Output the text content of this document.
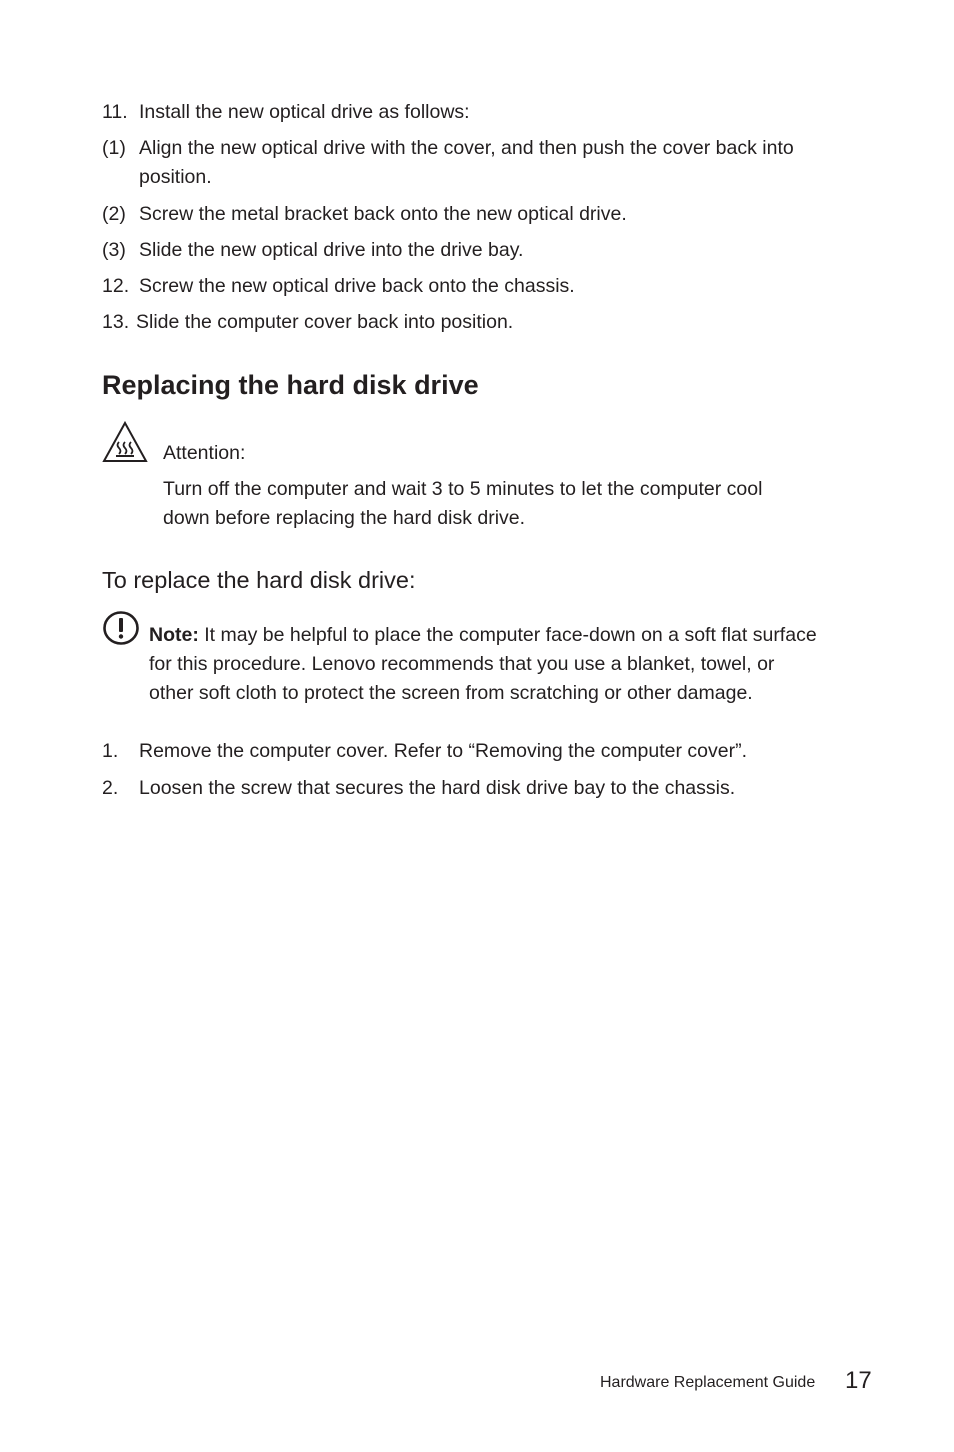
11. Install the new optical drive as follows:
(1) Align the new optical drive with the cover, and then push the cover back into
position.
(2) Screw the metal bracket back onto the new optical drive.
(3) Slide the new optical drive into the drive bay.
12. Screw the new optical drive back onto the chassis.
13. Slide the computer cover back into position.
Replacing the hard disk drive
Attention:
Turn off the computer and wait 3 to 5 minutes to let the computer cool
down before replacing the hard disk drive.
To replace the hard disk drive:
Note: It may be helpful to place the computer face-down on a soft flat surface
for this procedure. Lenovo recommends that you use a blanket, towel, or
other soft cloth to protect the screen from scratching or other damage.
1. Remove the computer cover. Refer to “Removing the computer cover”.
2. Loosen the screw that secures the hard disk drive bay to the chassis.
Hardware Replacement Guide 17
